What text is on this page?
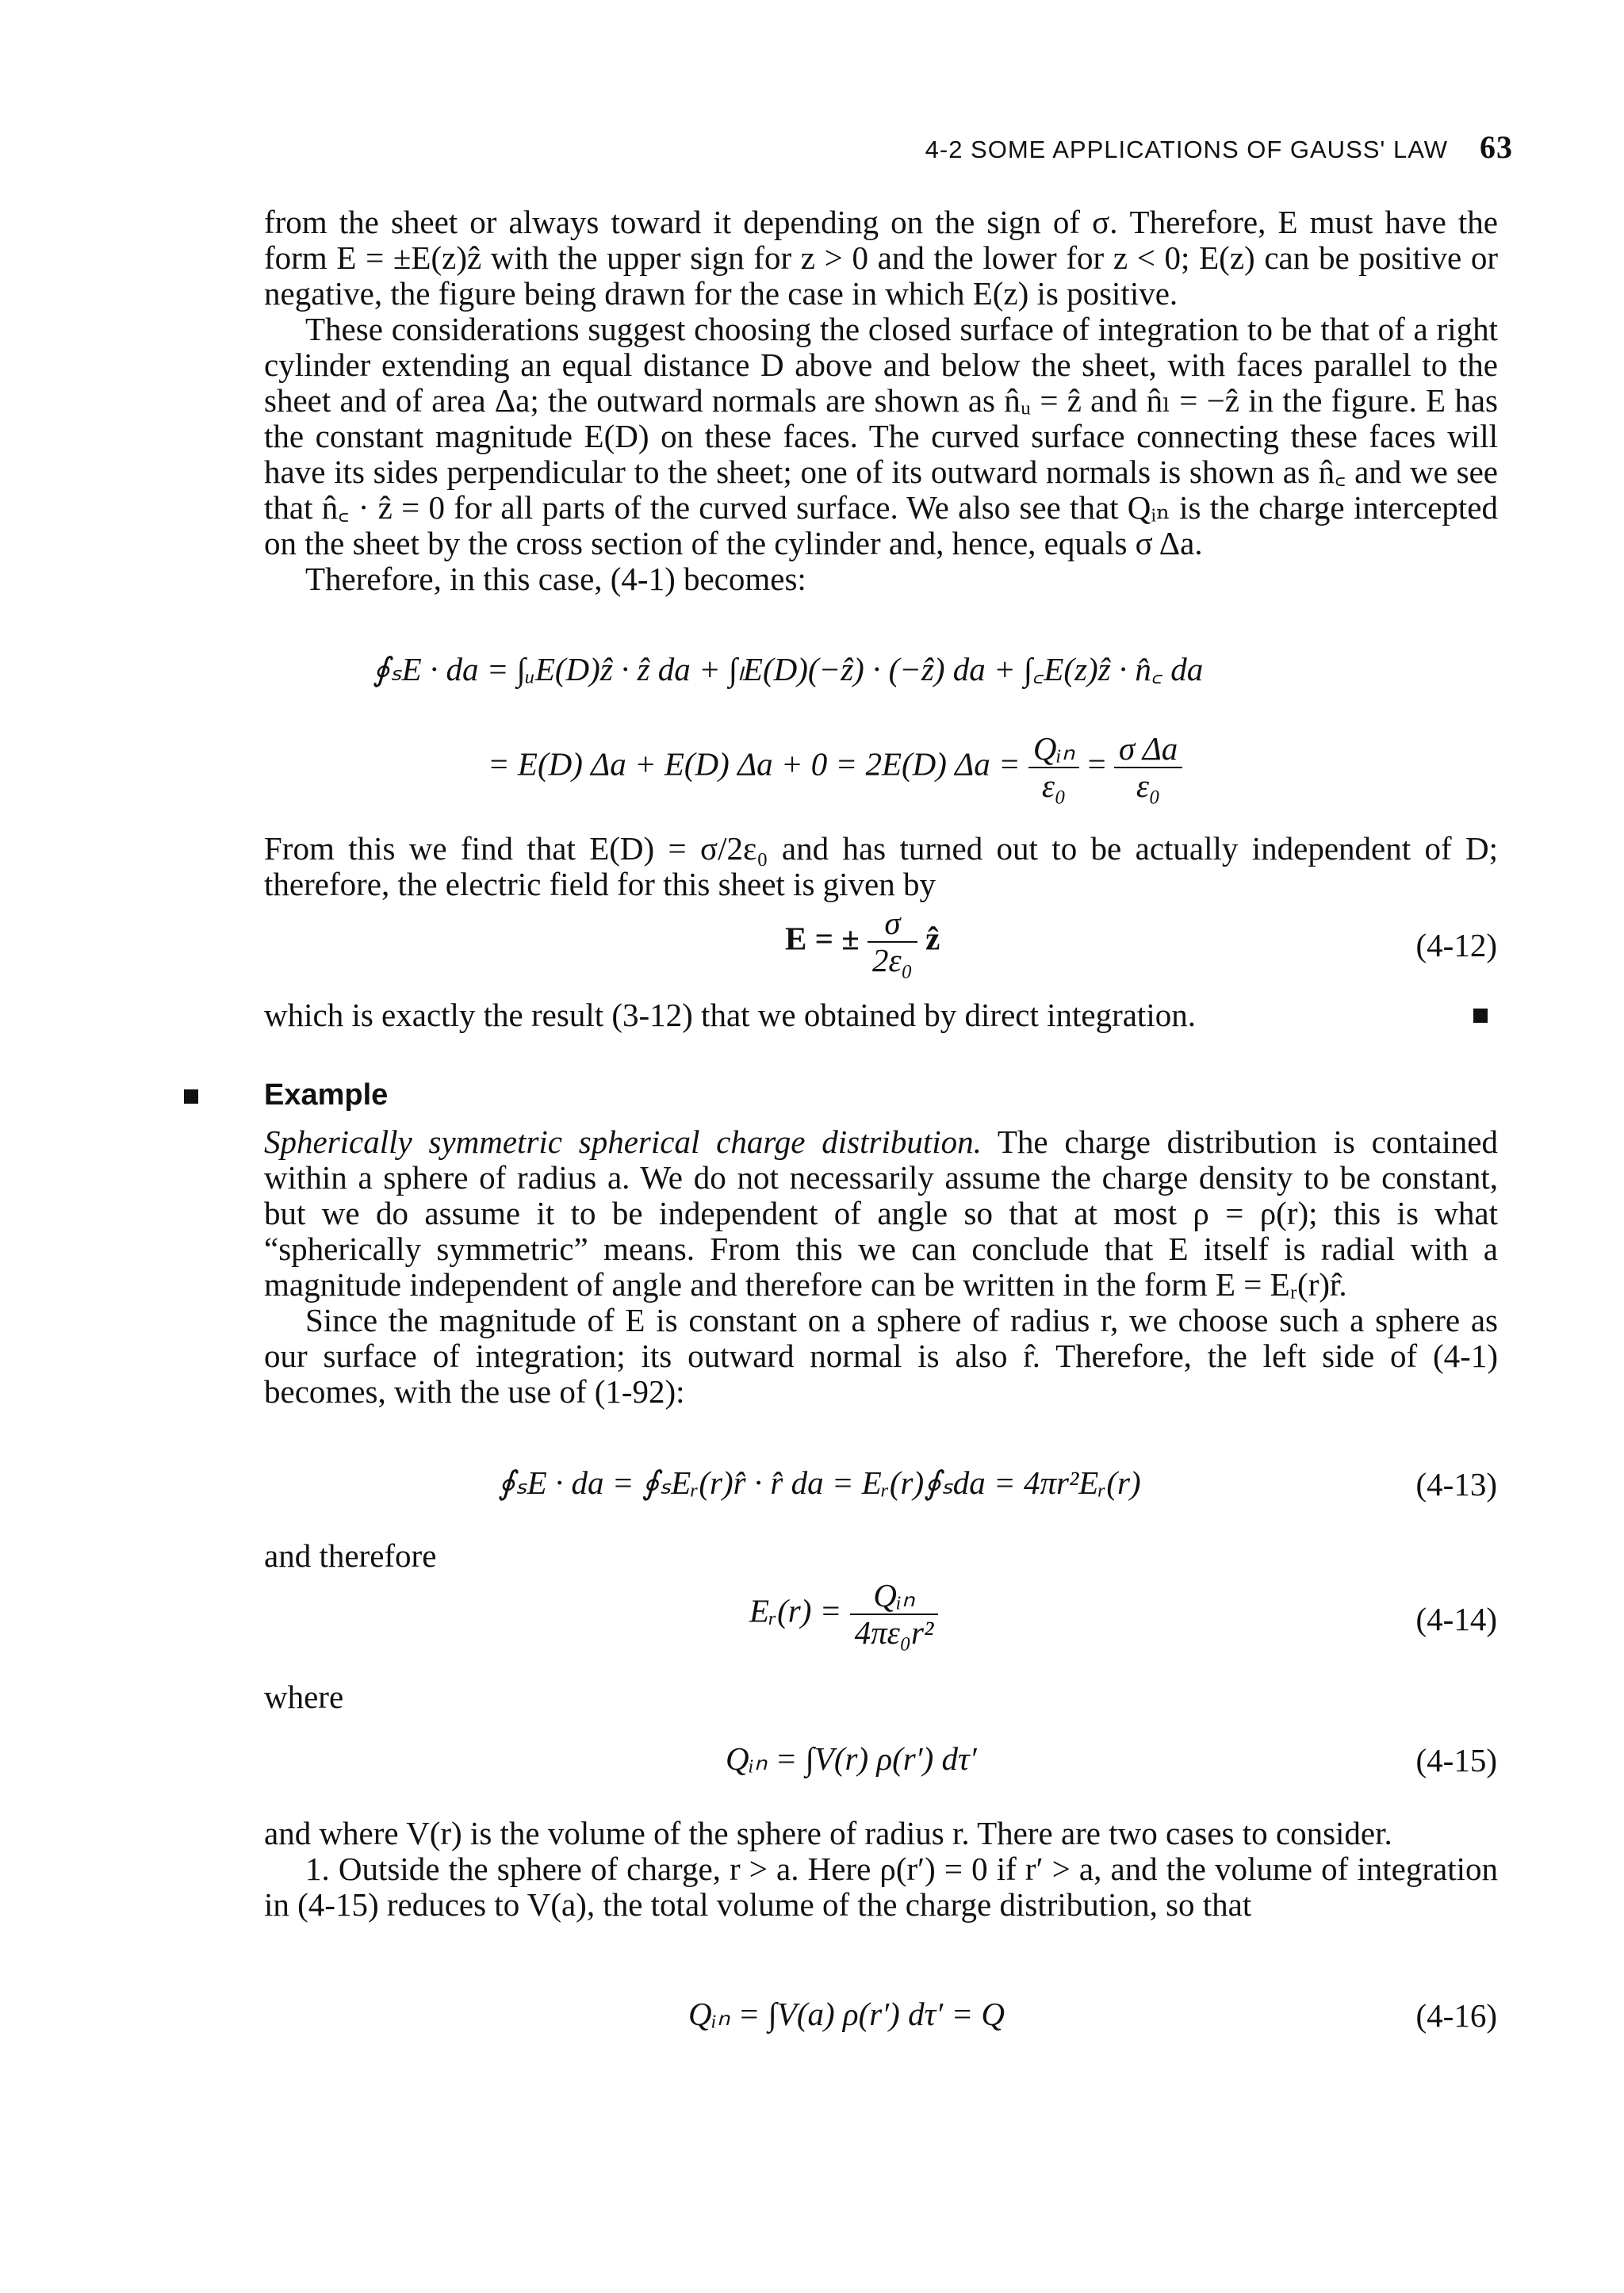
4-2 SOME APPLICATIONS OF GAUSS' LAW 63

from the sheet or always toward it depending on the sign of σ. Therefore, E must have the form E = ±E(z)ẑ with the upper sign for z > 0 and the lower for z < 0; E(z) can be positive or negative, the figure being drawn for the case in which E(z) is positive.

These considerations suggest choosing the closed surface of integration to be that of a right cylinder extending an equal distance D above and below the sheet, with faces parallel to the sheet and of area Δa; the outward normals are shown as n̂ᵤ = ẑ and n̂ₗ = −ẑ in the figure. E has the constant magnitude E(D) on these faces. The curved surface connecting these faces will have its sides perpendicular to the sheet; one of its outward normals is shown as n̂꜀ and we see that n̂꜀ · ẑ = 0 for all parts of the curved surface. We also see that Qᵢₙ is the charge intercepted on the sheet by the cross section of the cylinder and, hence, equals σ Δa.

Therefore, in this case, (4-1) becomes:

∮ₛE · da = ∫ᵤE(D)ẑ · ẑ da + ∫ₗE(D)(−ẑ) · (−ẑ) da + ∫꜀E(z)ẑ · n̂꜀ da
= E(D) Δa + E(D) Δa + 0 = 2E(D) $\Delta a = \frac{\text{Qᵢₙ}}{\text{ε₀}} = \frac{\text{σ Δa}}{\text{ε₀}}$

From this we find that E(D) = σ/2ε₀ and has turned out to be actually independent of D; therefore, the electric field for this sheet is given by

E = ± $\frac{\sigma}{\text{2ε₀}}$ ẑ	(4-12)

which is exactly the result (3-12) that we obtained by direct integration.

Example

Spherically symmetric spherical charge distribution. The charge distribution is contained within a sphere of radius a. We do not necessarily assume the charge density to be constant, but we do assume it to be independent of angle so that at most ρ = ρ(r); this is what “spherically symmetric” means. From this we can conclude that E itself is radial with a magnitude independent of angle and therefore can be written in the form E = Eᵣ(r)r̂.

Since the magnitude of E is constant on a sphere of radius r, we choose such a sphere as our surface of integration; its outward normal is also r̂. Therefore, the left side of (4-1) becomes, with the use of (1-92):

∮ₛE · da = ∮ₛEᵣ(r)r̂ · r̂ da = Eᵣ(r)∮ₛda = 4πr²Eᵣ(r)	(4-13)

and therefore

Eᵣ(r) = $\frac{\text{Qᵢₙ}}{\text{4πε₀r²}}$	(4-14)

where

Qᵢₙ = ∫V(r) ρ(r′) dτ′	(4-15)

and where V(r) is the volume of the sphere of radius r. There are two cases to consider.

1. Outside the sphere of charge, r > a. Here ρ(r′) = 0 if r′ > a, and the volume of integration in (4-15) reduces to V(a), the total volume of the charge distribution, so that

Qᵢₙ = ∫V(a) ρ(r′) dτ′ = Q	(4-16)
